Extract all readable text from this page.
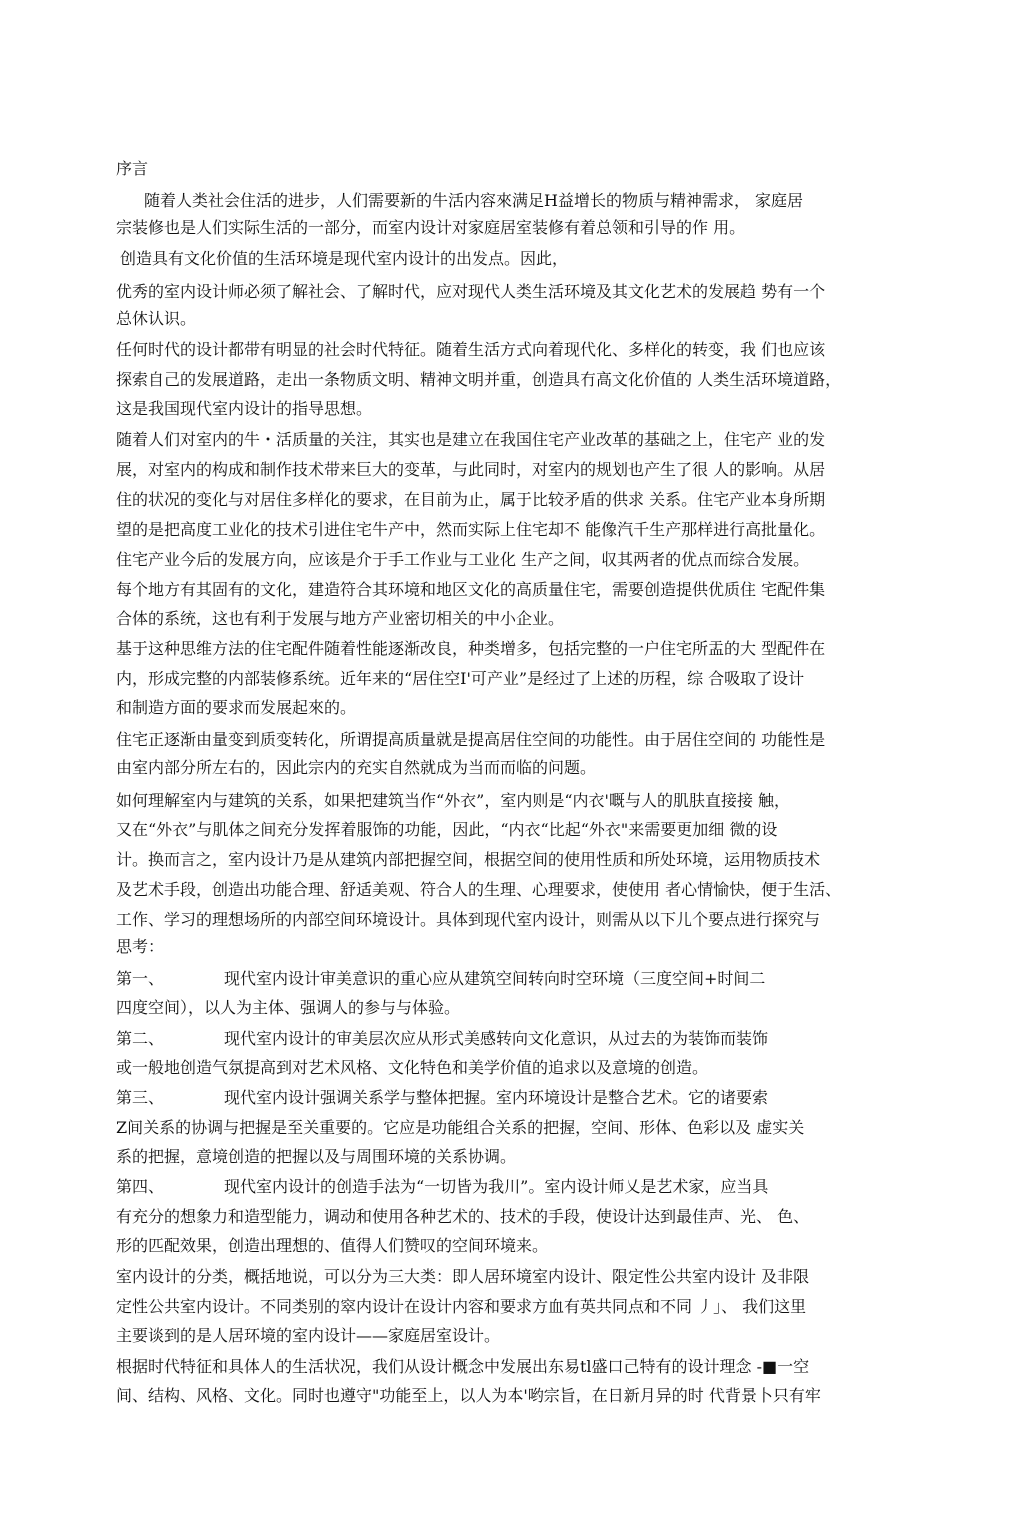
序言
随着人类社会住活的进步，人们需要新的牛活内容來满足H益增长的物质与精神需求， 家庭居
宗装修也是人们实际生活的一部分，而室内设计对家庭居室装修有着总领和引导的作 用。
创造具有文化价值的生活环境是现代室内设计的出发点。因此，
优秀的室内设计师必须了解社会、了解时代，应对现代人类生活环境及其文化艺术的发展趋 势有一个
总休认识。
任何时代的设计都带有明显的社会时代特征。随着生活方式向着现代化、多样化的转变，我 们也应该
探索自己的发展道路，走出一条物质文明、精神文明并重，创造具冇高文化价值的 人类生活环境道路，
这是我国现代室内设计的指导思想。
随着人们对室内的牛・活质量的关注，其实也是建立在我国住宅产业改革的基础之上，住宅产 业的发
展，对室内的构成和制作技术带来巨大的变革，与此同时，对室内的规划也产生了很 人的影响。从居
住的状况的变化与对居住多样化的要求，在目前为止，属于比较矛盾的供求 关系。住宅产业本身所期
望的是把高度工业化的技术引进住宅牛产中，然而实际上住宅却不 能像汽千生产那样进行高批量化。
住宅产业今后的发展方向，应该是介于手工作业与工业化 生产之间，収其两者的优点而综合发展。
每个地方有其固有的文化，建造符合其环境和地区文化的高质量住宅，需要创造提供优质住 宅配件集
合体的系统，这也有利于发展与地方产业密切相关的中小企业。
基于这种思维方法的住宅配件随着性能逐渐改良，种类增多，包括完整的一户住宅所盂的大 型配件在
内，形成完整的内部装修系统。近年来的“居住空I'可产业”是经过了上述的历程，综 合吸取了设计
和制造方面的要求而发展起來的。
住宅正逐渐由量变到质变转化，所谓提高质量就是提高居住空间的功能性。由于居住空间的 功能性是
由室内部分所左右的，因此宗内的充实自然就成为当而而临的问题。
如何理解室内与建筑的关系，如果把建筑当作“外衣”，室内则是“内衣'嘅与人的肌肤直接接 触，
又在“外衣”与肌体之间充分发挥着服饰的功能，因此，“内衣“比起“外衣"来需要更加细 微的设
计。换而言之，室内设计乃是从建筑内部把握空间，根据空间的使用性质和所处环境，运用物质技术
及艺术手段，创造出功能合理、舒适美观、符合人的生理、心理要求，使使用 者心情愉快，便于生活、
工作、学习的理想场所的内部空间环境设计。具体到现代室内设计，则需从以下儿个要点进行探究与
思考：
第一、	现代室内设计审美意识的重心应从建筑空间转向时空环境（三度空间+时间二
四度空间），以人为主体、强调人的参与与体验。
第二、	现代室内设计的审美层次应从形式美感转向文化意识，从过去的为装饰而装饰
或一般地创造气氛提高到对艺术风格、文化特色和美学价值的追求以及意境的创造。
第三、	现代室内设计强调关系学与整体把握。室内环境设计是整合艺术。它的诸要索
Z间关系的协调与把握是至关重要的。它应是功能组合关系的把握，空间、形体、色彩以及 虚实关
系的把握，意境创造的把握以及与周围环境的关系协调。
第四、	现代室内设计的创造手法为“一切皆为我川”。室内设计师乂是艺术家，应当具
有充分的想象力和造型能力，调动和使用各种艺术的、技术的手段，使设计达到最佳声、光、 色、
形的匹配效果，创造出理想的、值得人们赞叹的空间环境来。
室内设计的分类，概括地说，可以分为三大类：即人居环境室内设计、限定性公共室内设计 及非限
定性公共室内设计。不同类别的窣内设计在设计内容和要求方血有英共同点和不同 丿」、 我们这里
主要谈到的是人居环境的室内设计——家庭居室设计。
根据时代特征和具体人的生活状况，我们从设计概念中发展出东易tl盛口己特有的设计理念 -■一空
间、结构、风格、文化。同时也遵守"功能至上，以人为本'哟宗旨，在日新月异的时 代背景卜只有牢
